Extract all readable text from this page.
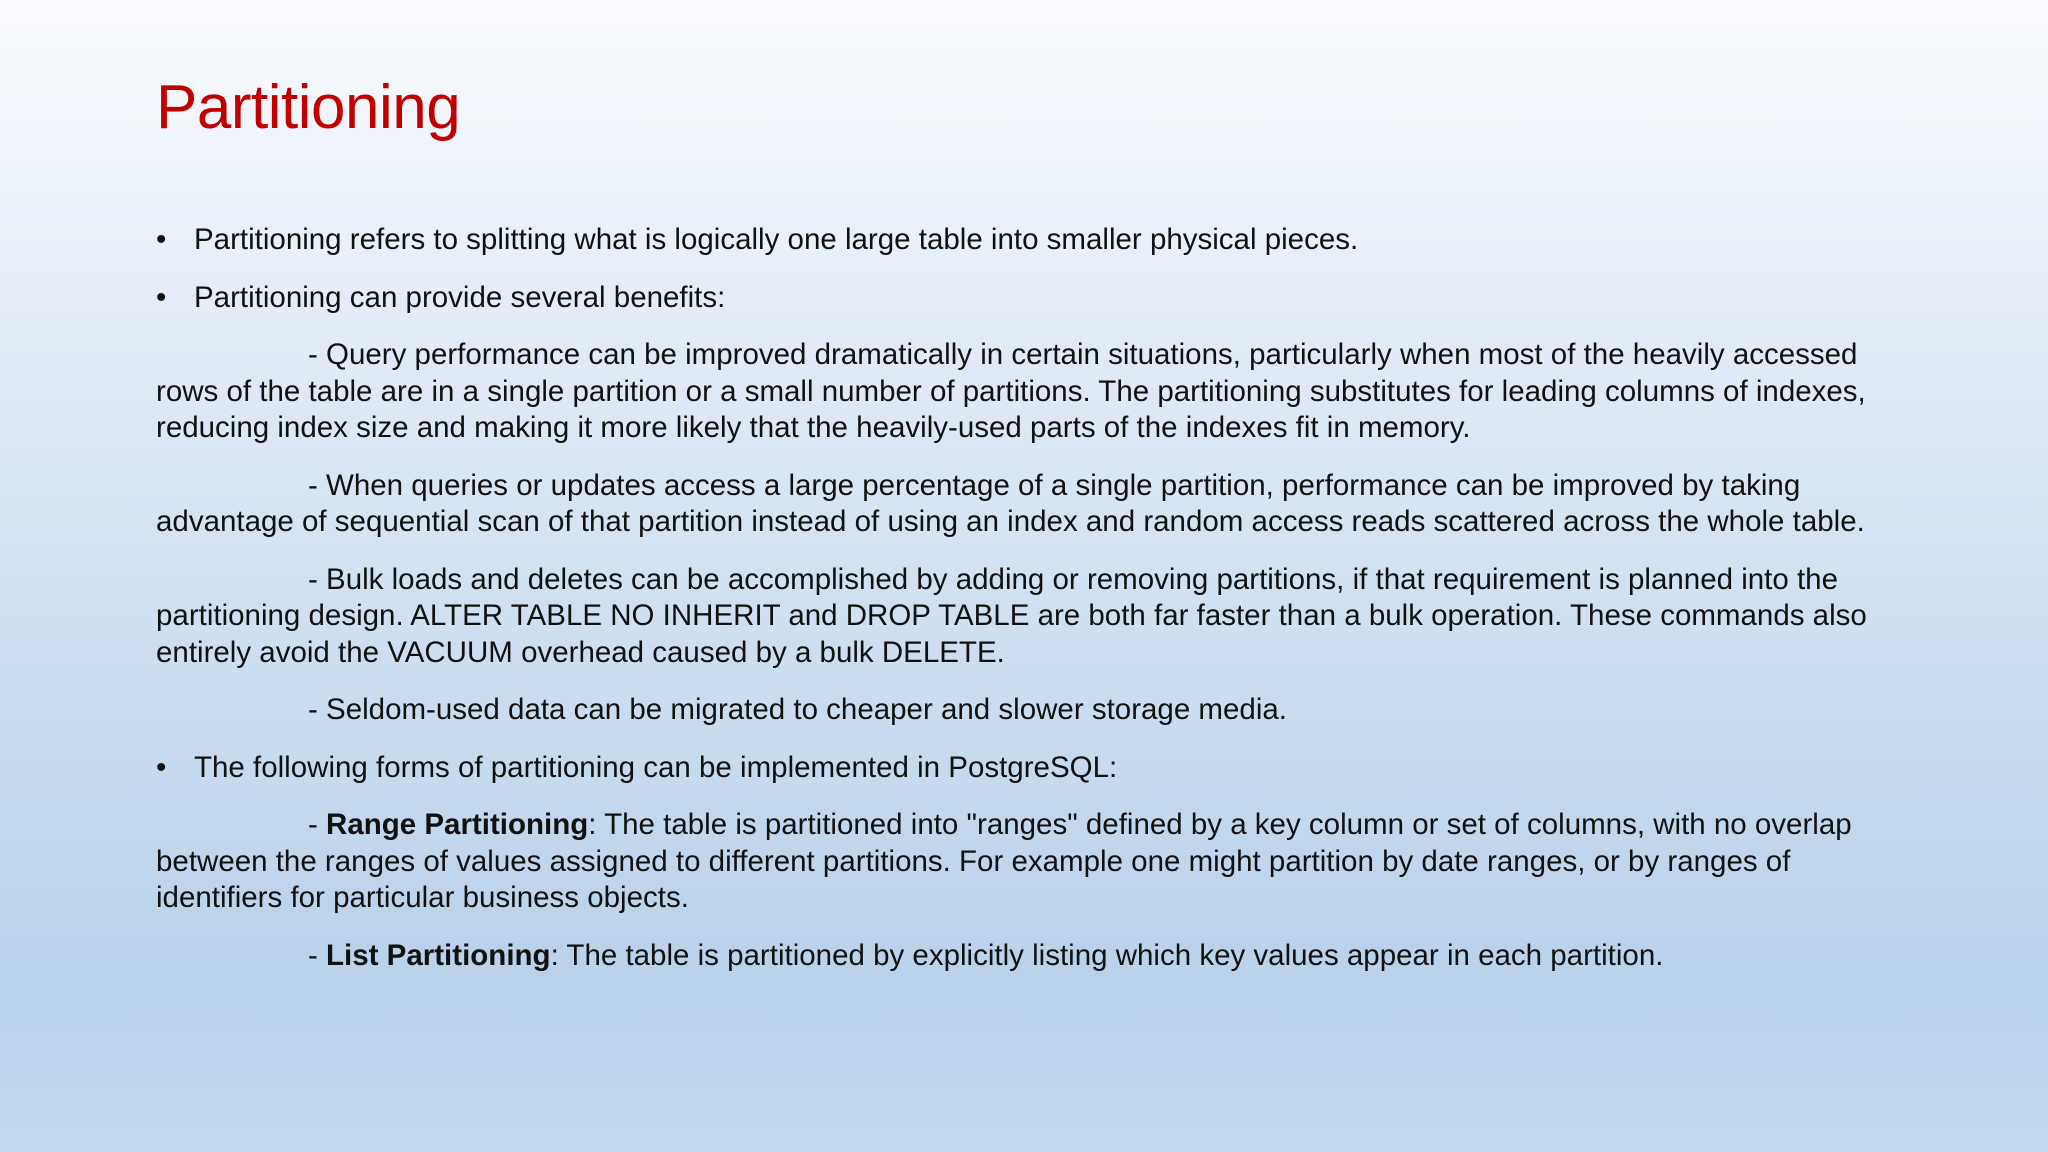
Partitioning
• Partitioning refers to splitting what is logically one large table into smaller physical pieces.
• Partitioning can provide several benefits:

- Query performance can be improved dramatically in certain situations, particularly when most of the heavily accessed rows of the table are in a single partition or a small number of partitions. The partitioning substitutes for leading columns of indexes, reducing index size and making it more likely that the heavily-used parts of the indexes fit in memory.

- When queries or updates access a large percentage of a single partition, performance can be improved by taking advantage of sequential scan of that partition instead of using an index and random access reads scattered across the whole table.

- Bulk loads and deletes can be accomplished by adding or removing partitions, if that requirement is planned into the partitioning design. ALTER TABLE NO INHERIT and DROP TABLE are both far faster than a bulk operation. These commands also entirely avoid the VACUUM overhead caused by a bulk DELETE.

- Seldom-used data can be migrated to cheaper and slower storage media.

• The following forms of partitioning can be implemented in PostgreSQL:

- Range Partitioning: The table is partitioned into "ranges" defined by a key column or set of columns, with no overlap between the ranges of values assigned to different partitions. For example one might partition by date ranges, or by ranges of identifiers for particular business objects.

- List Partitioning: The table is partitioned by explicitly listing which key values appear in each partition.
